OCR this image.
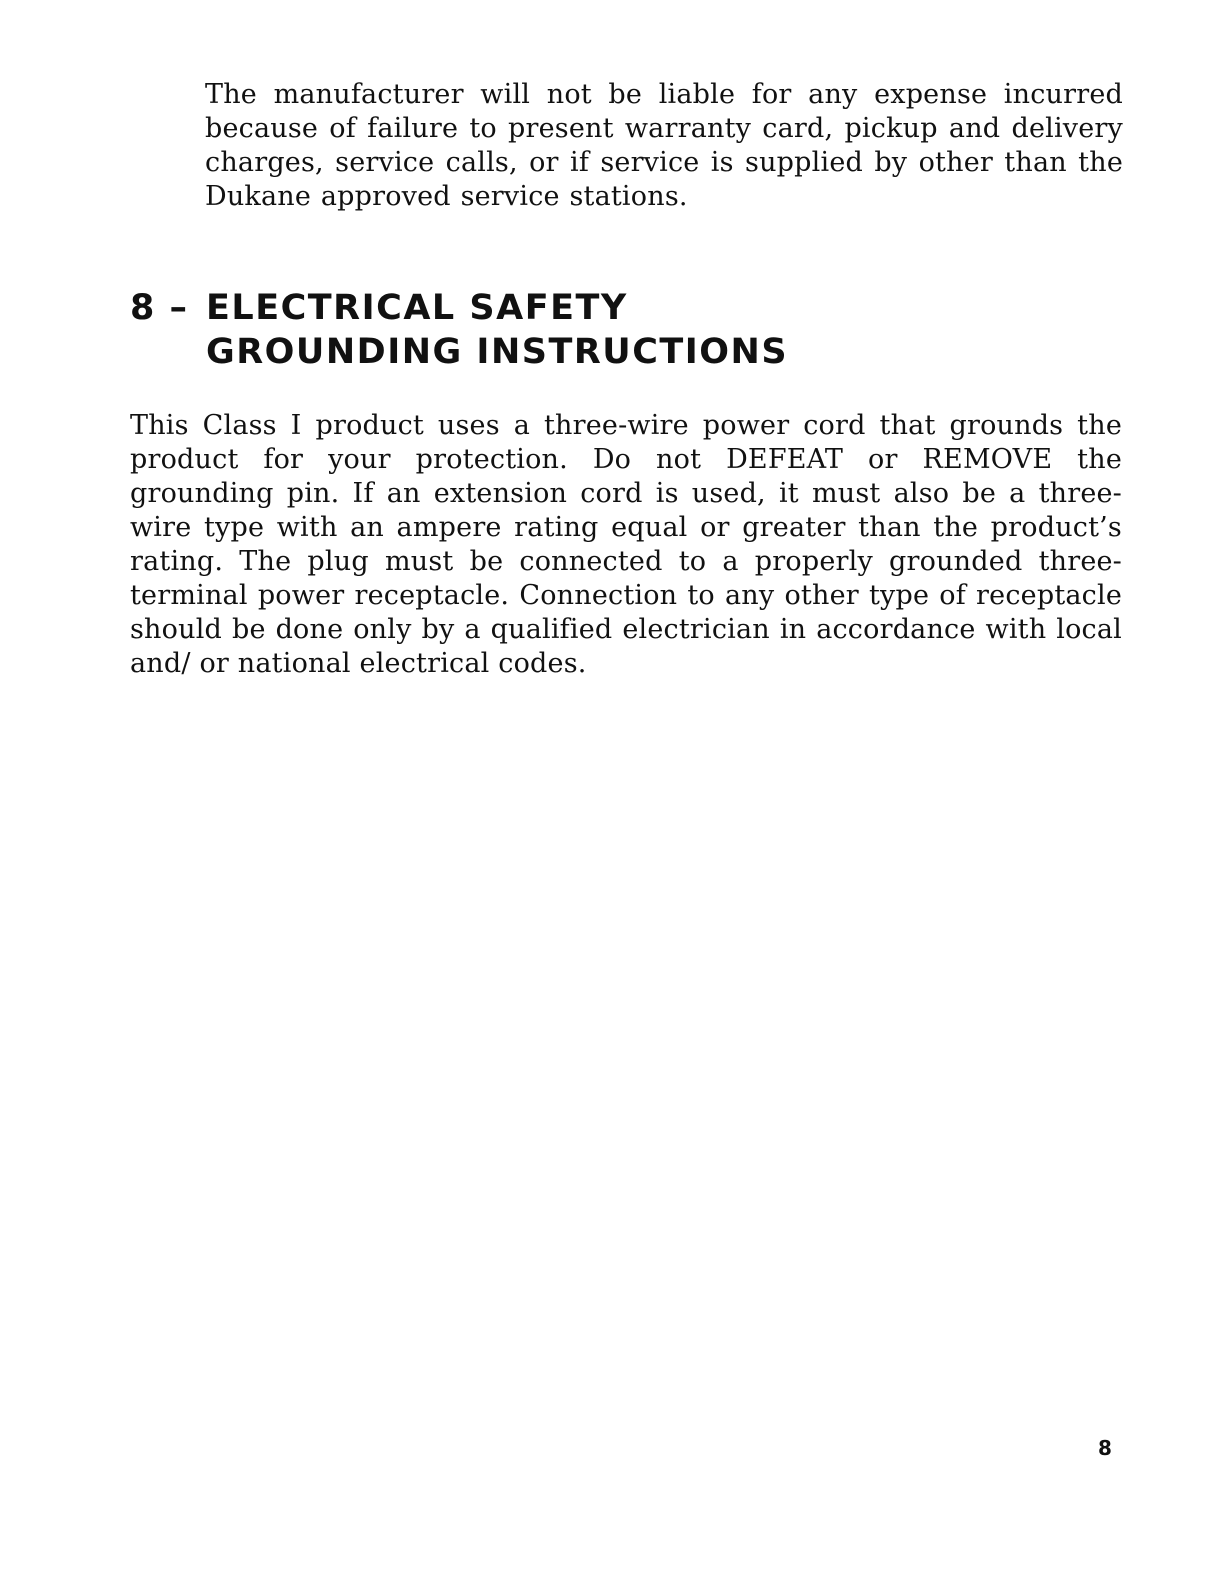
The manufacturer will not be liable for any expense incurred because of failure to present warranty card, pickup and delivery charges, service calls, or if service is supplied by other than the Dukane approved service stations.

8 – ELECTRICAL SAFETY
GROUNDING INSTRUCTIONS

This Class I product uses a three-wire power cord that grounds the product for your protection. Do not DEFEAT or REMOVE the grounding pin. If an extension cord is used, it must also be a three-wire type with an ampere rating equal or greater than the product’s rating. The plug must be connected to a properly grounded three-terminal power receptacle. Connection to any other type of receptacle should be done only by a qualified electrician in accordance with local and/ or national electrical codes.

8
